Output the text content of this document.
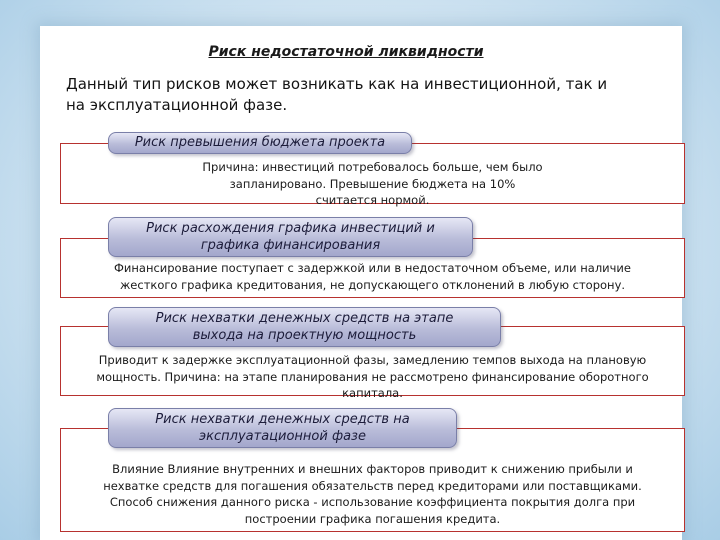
Риск недостаточной ликвидности
Данный тип рисков может возникать как на инвестиционной, так и на эксплуатационной фазе.
Причина: инвестиций потребовалось больше, чем было запланировано. Превышение бюджета на 10% считается нормой.
Риск превышения бюджета проекта
Финансирование поступает с задержкой или в недостаточном объеме, или наличие жесткого графика кредитования, не допускающего отклонений в любую сторону.
Риск расхождения графика инвестиций и графика финансирования
Приводит к задержке эксплуатационной фазы, замедлению темпов выхода на плановую мощность. Причина: на этапе планирования не рассмотрено финансирование оборотного капитала.
Риск нехватки денежных средств на этапе выхода на проектную мощность
Влияние Влияние внутренних и внешних факторов приводит к снижению прибыли и нехватке средств для погашения обязательств перед кредиторами или поставщиками. Способ снижения данного риска - использование коэффициента покрытия долга при построении графика погашения кредита.
Риск нехватки денежных средств на эксплуатационной фазе
